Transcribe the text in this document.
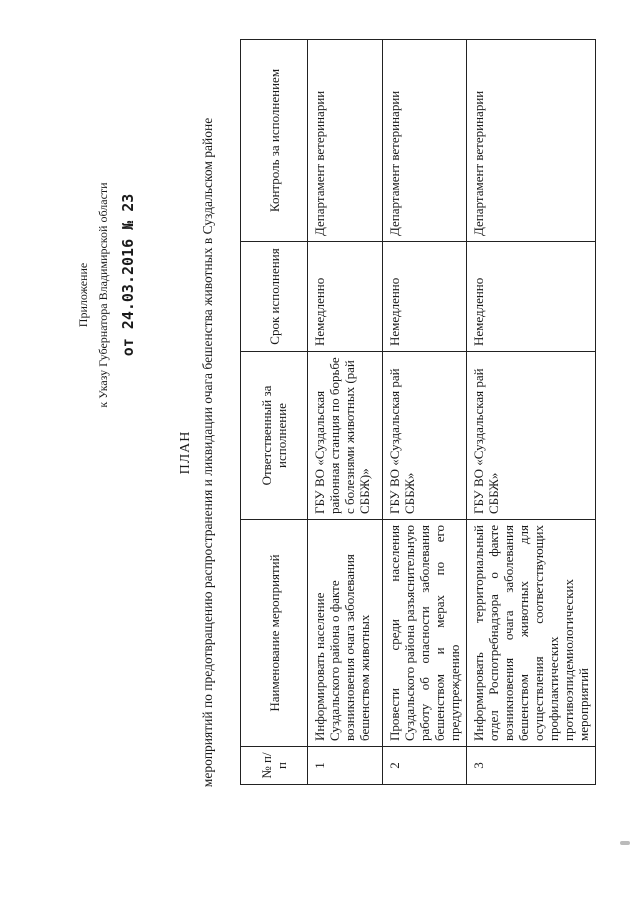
Приложение к Указу Губернатора Владимирской области от 24.03.2016 № 23
ПЛАН мероприятий по предотвращению распространения и ликвидации очага бешенства животных в Суздальском районе	№ п/п	Наименование мероприятий	Ответственный за исполнение	Срок исполнения	Контроль за исполнением
1	Информировать население Суздальского района о факте возникновения очага заболевания бешенством животных	ГБУ ВО «Суздальская районная станция по борьбе с болезнями животных (рай СББЖ)»	Немедленно	Департамент ветеринарии
2	Провести среди населения Суздальского района разъяснительную работу об опасности заболевания бешенством и мерах по его предупреждению	ГБУ ВО «Суздальская рай СББЖ»	Немедленно	Департамент ветеринарии
3	Информировать территориальный отдел Роспотребнадзора о факте возникновения очага заболевания бешенством животных для осуществления соответствующих профилактических противоэпидемиологических мероприятий	ГБУ ВО «Суздальская рай СББЖ»	Немедленно	Департамент ветеринарии
